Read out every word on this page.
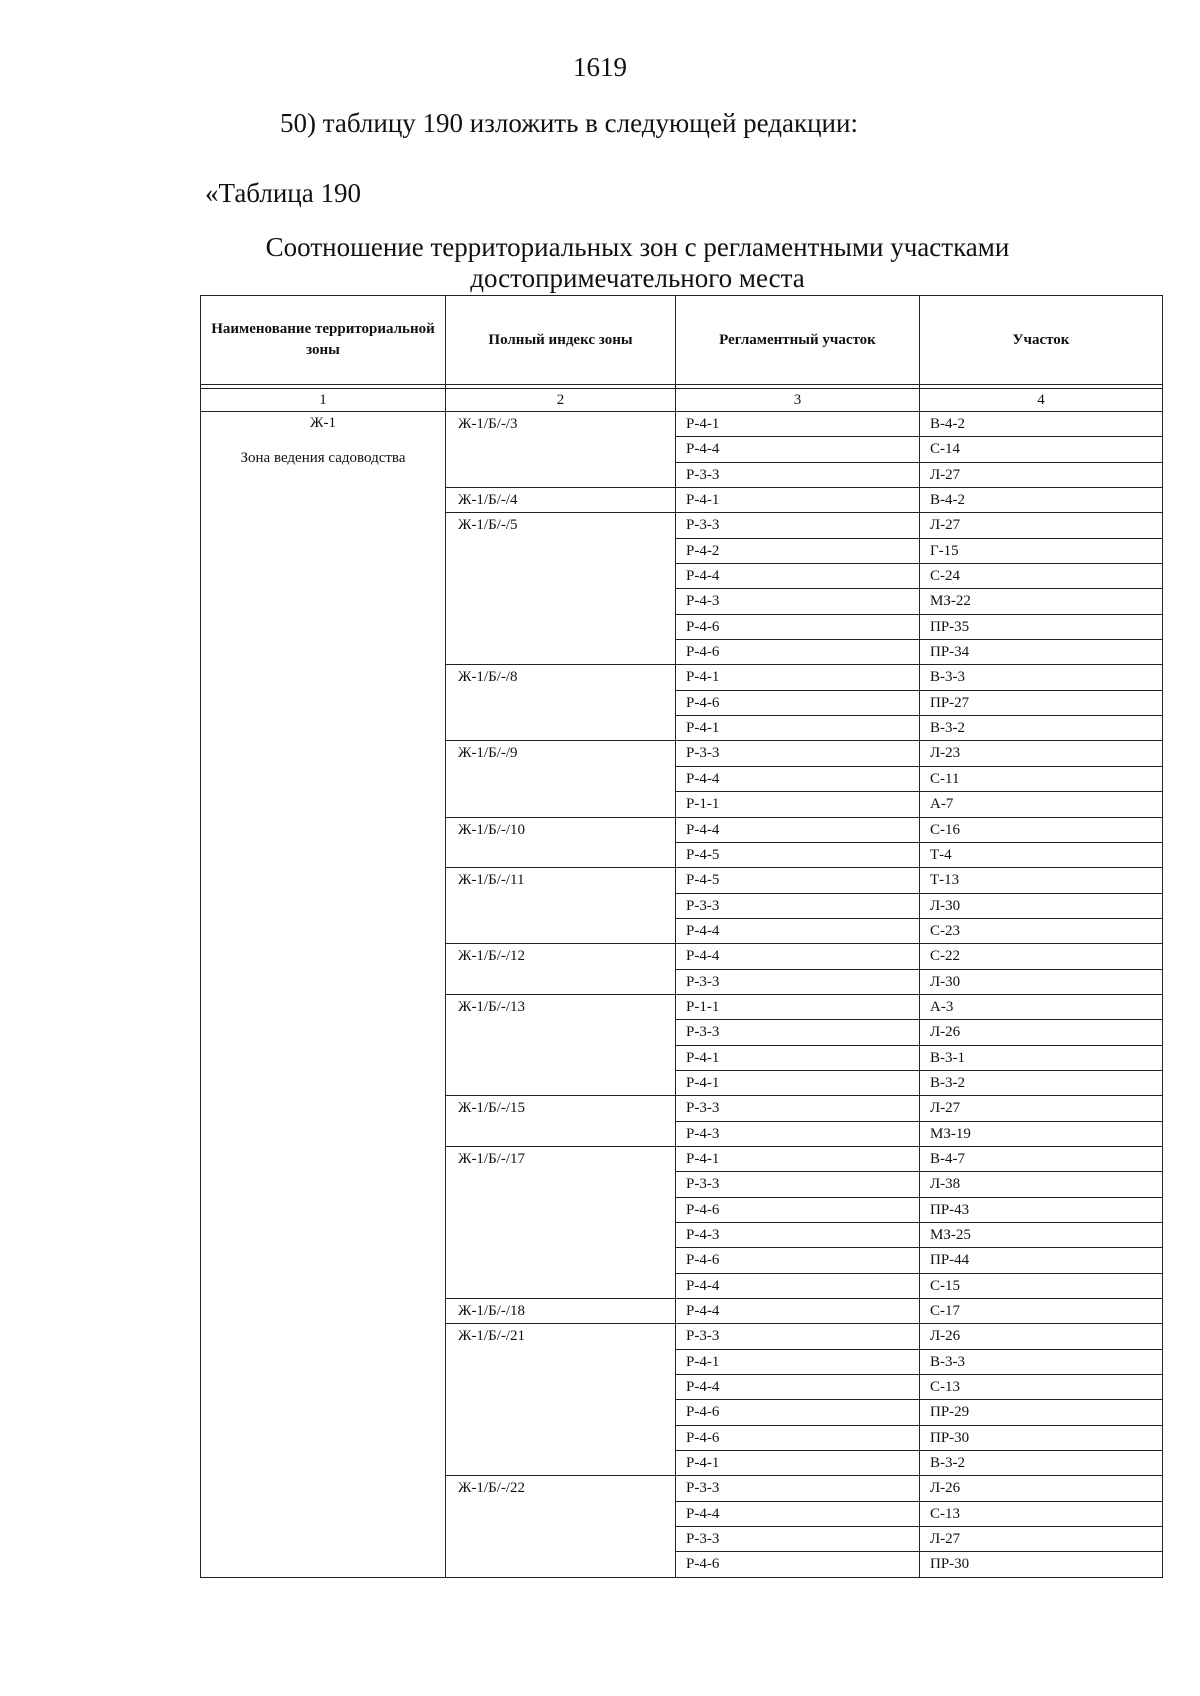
1619
50) таблицу 190 изложить в следующей редакции:
«Таблица 190
Соотношение территориальных зон с регламентными участками
достопримечательного места
Наименование территориальной зоны	Полный индекс зоны	Регламентный участок	Участок

1	2	3	4

Ж-1
Зона ведения садоводства	Ж-1/Б/-/3	Р-4-1	В-4-2
		Р-4-4	С-14
		Р-3-3	Л-27
	Ж-1/Б/-/4	Р-4-1	В-4-2
	Ж-1/Б/-/5	Р-3-3	Л-27
		Р-4-2	Г-15
		Р-4-4	С-24
		Р-4-3	МЗ-22
		Р-4-6	ПР-35
		Р-4-6	ПР-34
	Ж-1/Б/-/8	Р-4-1	В-3-3
		Р-4-6	ПР-27
		Р-4-1	В-3-2
	Ж-1/Б/-/9	Р-3-3	Л-23
		Р-4-4	С-11
		Р-1-1	А-7
	Ж-1/Б/-/10	Р-4-4	С-16
		Р-4-5	Т-4
	Ж-1/Б/-/11	Р-4-5	Т-13
		Р-3-3	Л-30
		Р-4-4	С-23
	Ж-1/Б/-/12	Р-4-4	С-22
		Р-3-3	Л-30
	Ж-1/Б/-/13	Р-1-1	А-3
		Р-3-3	Л-26
		Р-4-1	В-3-1
		Р-4-1	В-3-2
	Ж-1/Б/-/15	Р-3-3	Л-27
		Р-4-3	МЗ-19
	Ж-1/Б/-/17	Р-4-1	В-4-7
		Р-3-3	Л-38
		Р-4-6	ПР-43
		Р-4-3	МЗ-25
		Р-4-6	ПР-44
		Р-4-4	С-15
	Ж-1/Б/-/18	Р-4-4	С-17
	Ж-1/Б/-/21	Р-3-3	Л-26
		Р-4-1	В-3-3
		Р-4-4	С-13
		Р-4-6	ПР-29
		Р-4-6	ПР-30
		Р-4-1	В-3-2
	Ж-1/Б/-/22	Р-3-3	Л-26
		Р-4-4	С-13
		Р-3-3	Л-27
		Р-4-6	ПР-30
